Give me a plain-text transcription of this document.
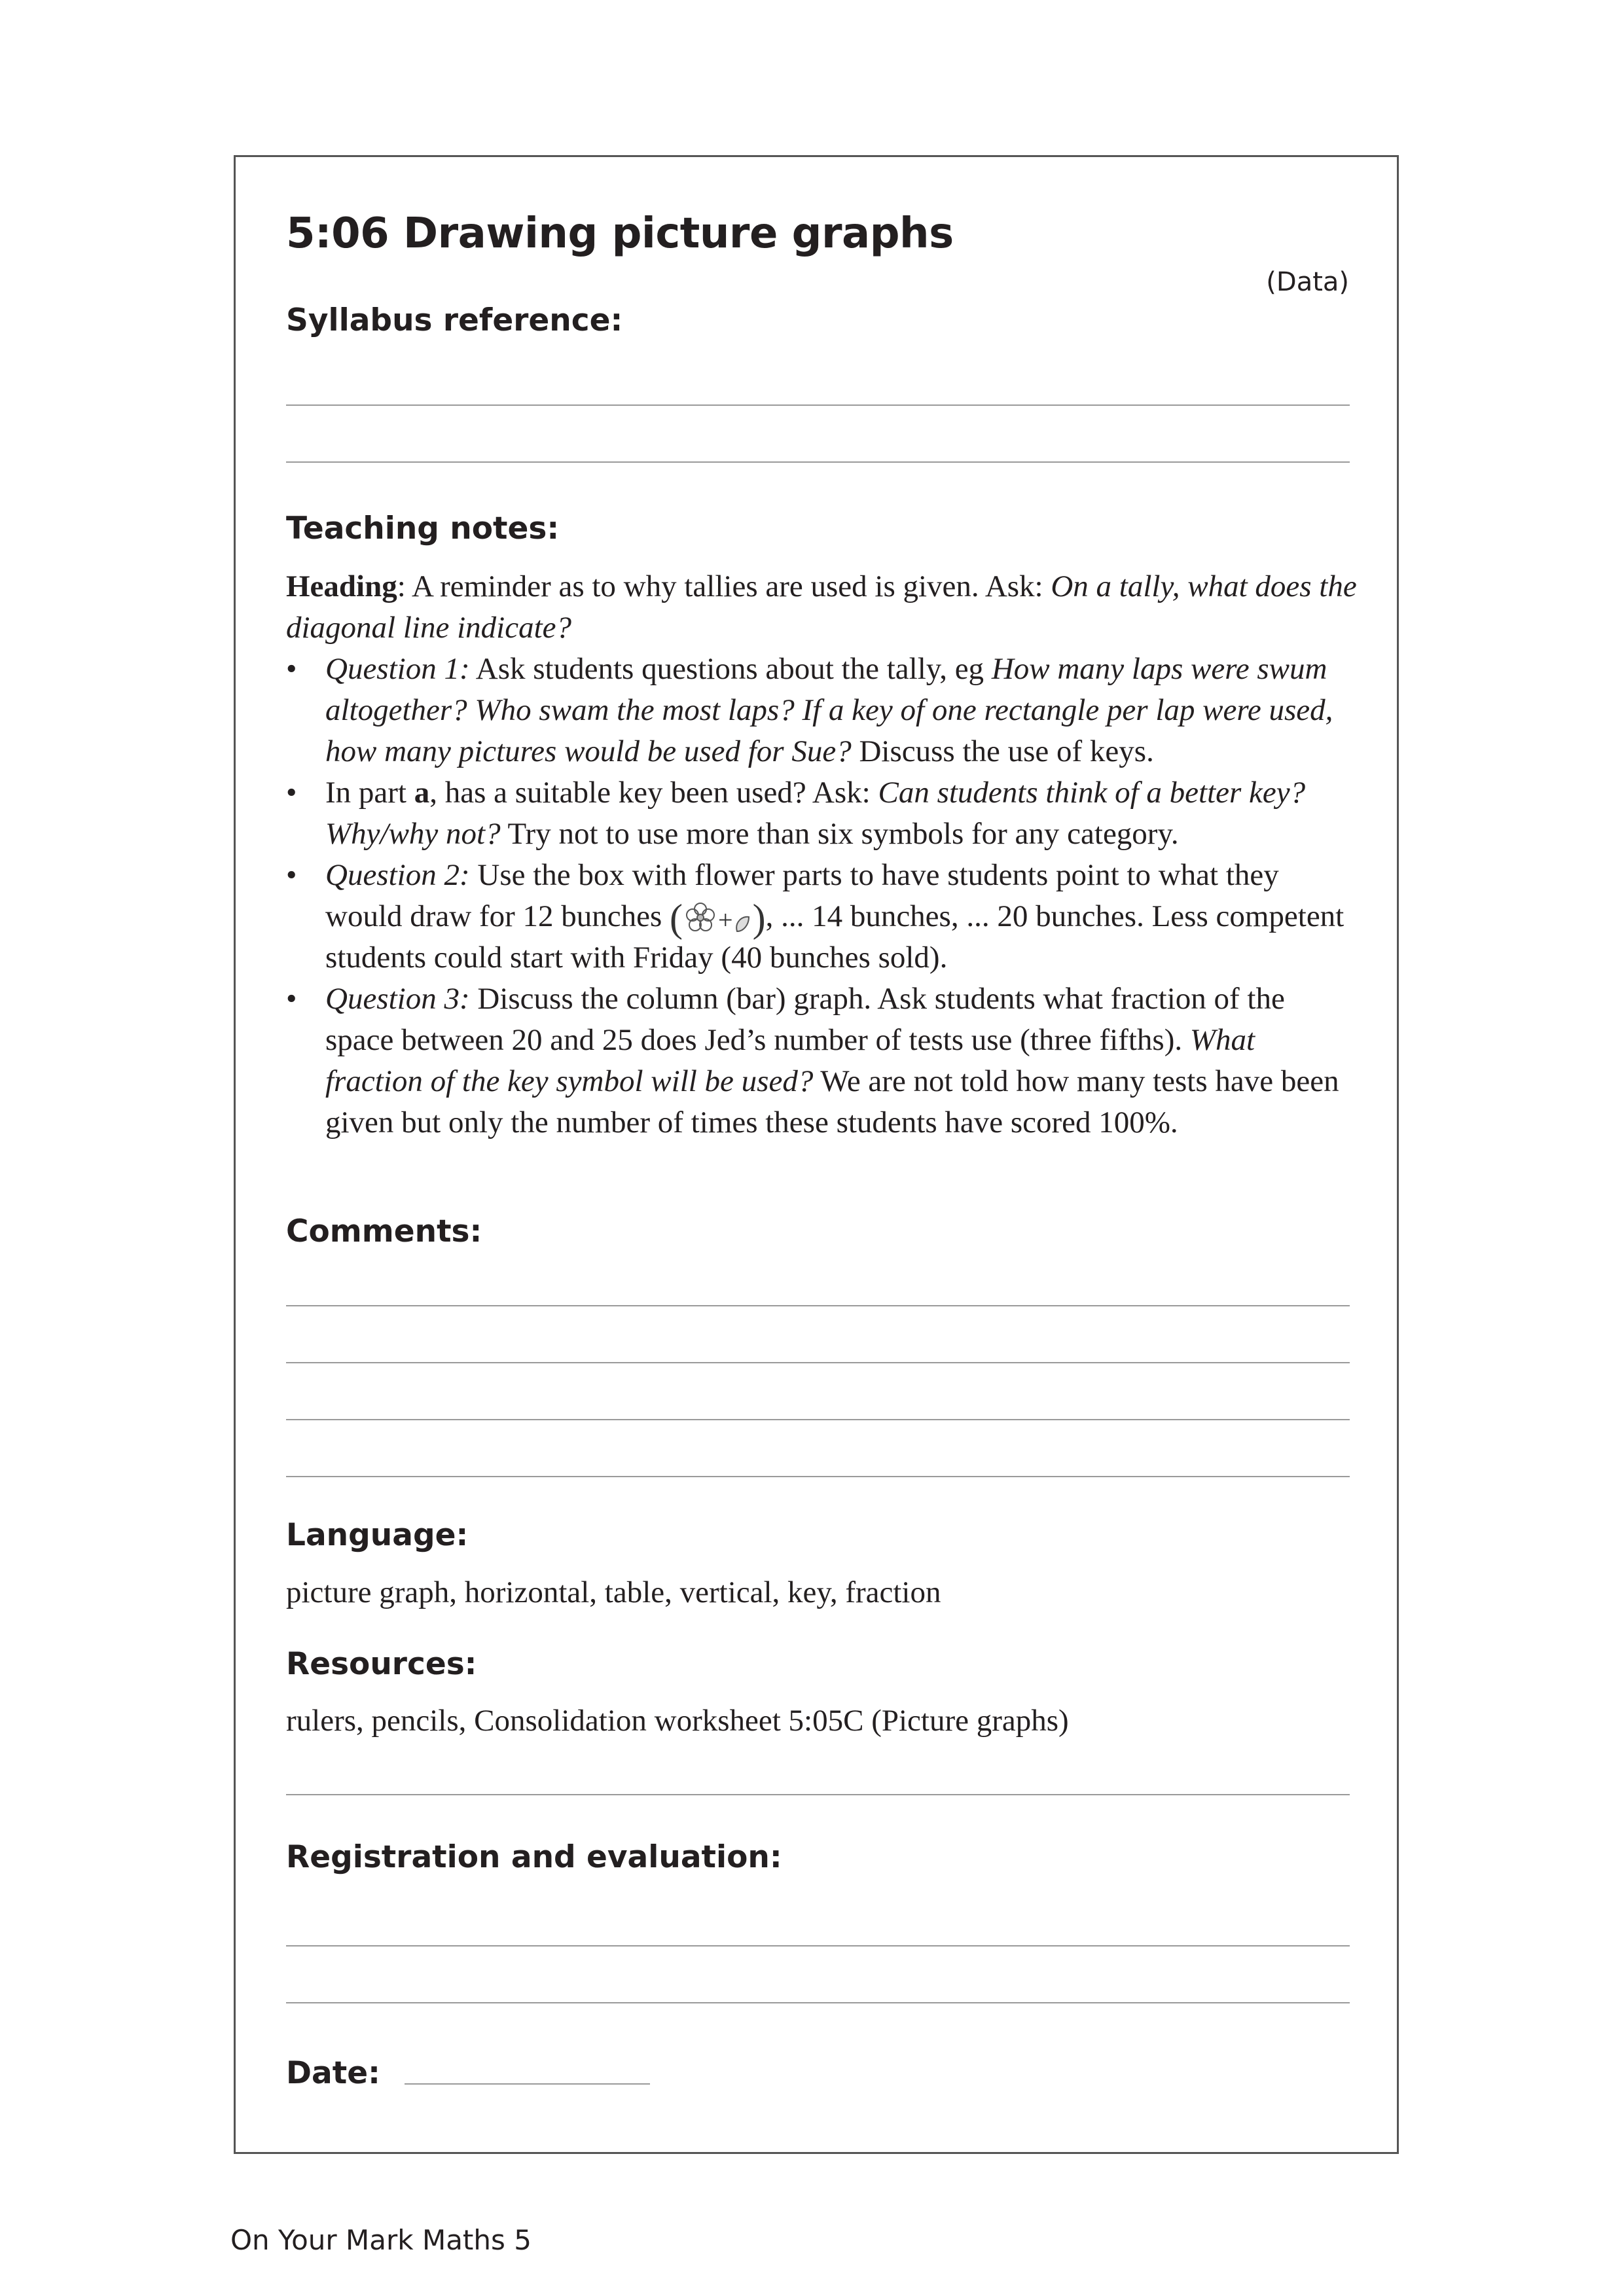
5:06 Drawing picture graphs
(Data)
Syllabus reference:
Teaching notes:

Heading: A reminder as to why tallies are used is given. Ask: On a tally, what does the diagonal line indicate?

• Question 1: Ask students questions about the tally, eg How many laps were swum altogether? Who swam the most laps? If a key of one rectangle per lap were used, how many pictures would be used for Sue? Discuss the use of keys.
• In part a, has a suitable key been used? Ask: Can students think of a better key? Why/why not? Try not to use more than six symbols for any category.
• Question 2: Use the box with flower parts to have students point to what they would draw for 12 bunches ( + ), ... 14 bunches, ... 20 bunches. Less competent students could start with Friday (40 bunches sold).
• Question 3: Discuss the column (bar) graph. Ask students what fraction of the space between 20 and 25 does Jed’s number of tests use (three fifths). What fraction of the key symbol will be used? We are not told how many tests have been given but only the number of times these students have scored 100%.
Comments:
Language:
picture graph, horizontal, table, vertical, key, fraction
Resources:
rulers, pencils, Consolidation worksheet 5:05C (Picture graphs)
Registration and evaluation:
Date:
On Your Mark Maths 5
